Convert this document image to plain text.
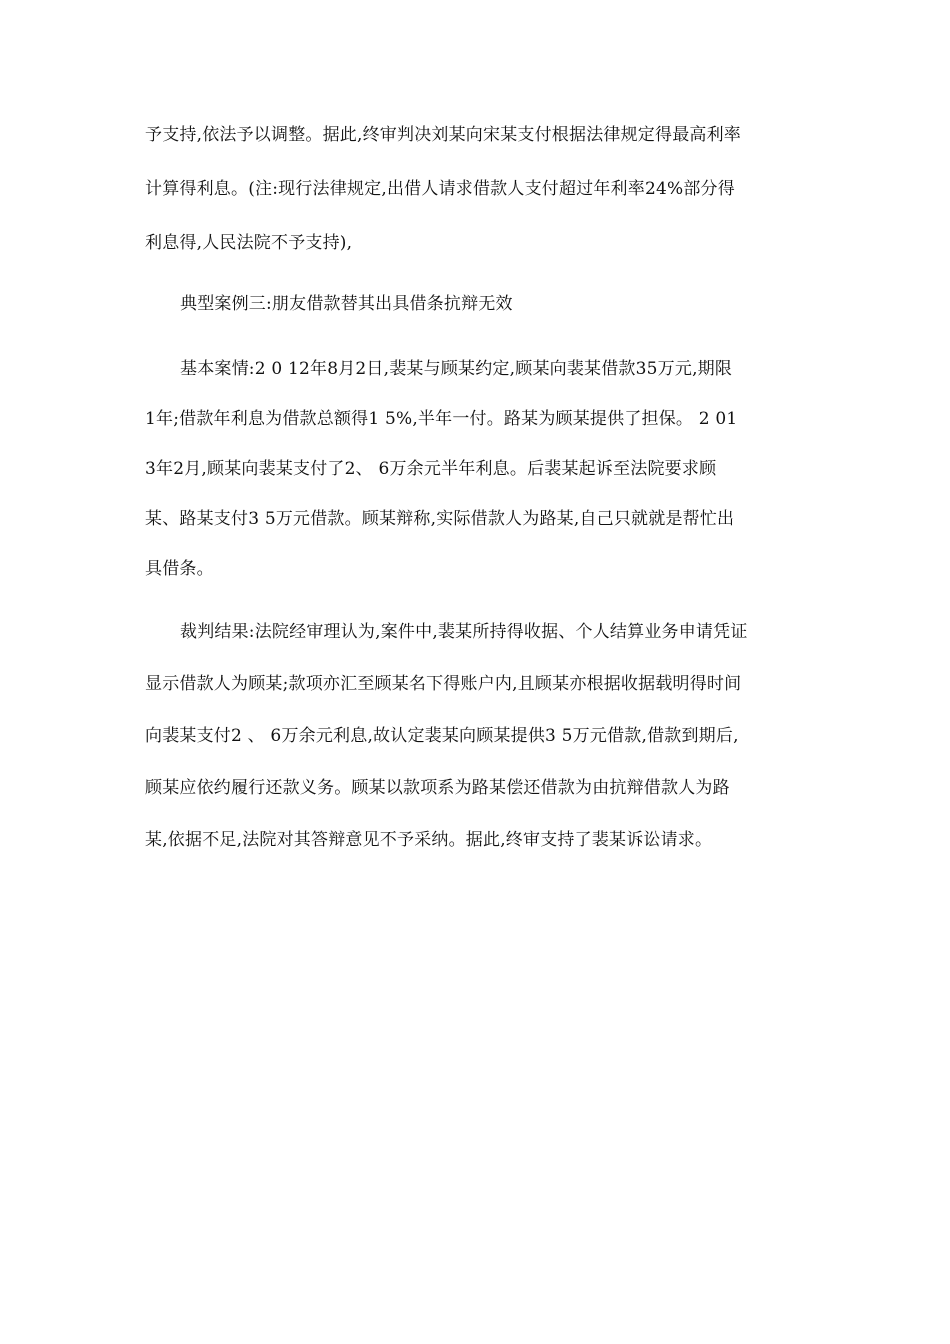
予支持,依法予以调整。据此,终审判决刘某向宋某支付根据法律规定得最高利率
计算得利息。(注:现行法律规定,出借人请求借款人支付超过年利率24%部分得
利息得,人民法院不予支持),
典型案例三:朋友借款替其出具借条抗辩无效
基本案情:2 0 12年8月2日,裴某与顾某约定,顾某向裴某借款35万元,期限
1年;借款年利息为借款总额得1 5%,半年一付。路某为顾某提供了担保。 2 01
3年2月,顾某向裴某支付了2、 6万余元半年利息。后裴某起诉至法院要求顾
某、路某支付3 5万元借款。顾某辩称,实际借款人为路某,自己只就就是帮忙出
具借条。
裁判结果:法院经审理认为,案件中,裴某所持得收据、个人结算业务申请凭证
显示借款人为顾某;款项亦汇至顾某名下得账户内,且顾某亦根据收据载明得时间
向裴某支付2 、 6万余元利息,故认定裴某向顾某提供3 5万元借款,借款到期后,
顾某应依约履行还款义务。顾某以款项系为路某偿还借款为由抗辩借款人为路
某,依据不足,法院对其答辩意见不予采纳。据此,终审支持了裴某诉讼请求。
